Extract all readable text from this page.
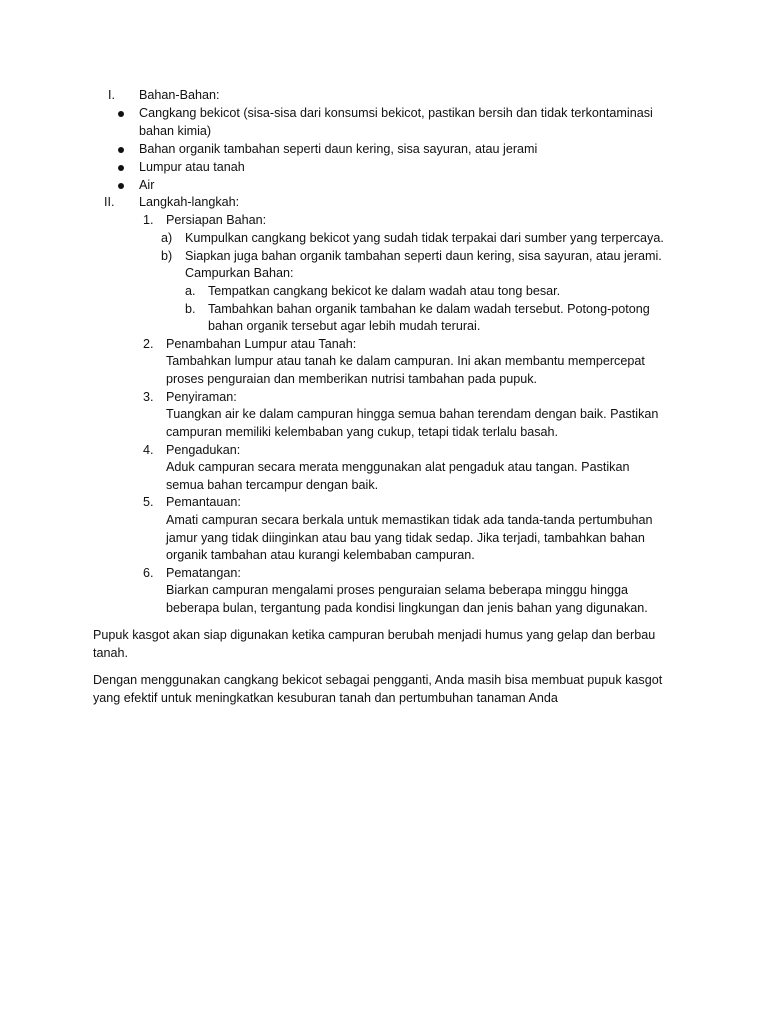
I. Bahan-Bahan:
Cangkang bekicot (sisa-sisa dari konsumsi bekicot, pastikan bersih dan tidak terkontaminasi
bahan kimia)
Bahan organik tambahan seperti daun kering, sisa sayuran, atau jerami
Lumpur atau tanah
Air
II. Langkah-langkah:
1. Persiapan Bahan:
a) Kumpulkan cangkang bekicot yang sudah tidak terpakai dari sumber yang terpercaya.
b) Siapkan juga bahan organik tambahan seperti daun kering, sisa sayuran, atau jerami.
Campurkan Bahan:
a. Tempatkan cangkang bekicot ke dalam wadah atau tong besar.
b. Tambahkan bahan organik tambahan ke dalam wadah tersebut. Potong-potong
bahan organik tersebut agar lebih mudah terurai.
2. Penambahan Lumpur atau Tanah:
Tambahkan lumpur atau tanah ke dalam campuran. Ini akan membantu mempercepat
proses penguraian dan memberikan nutrisi tambahan pada pupuk.
3. Penyiraman:
Tuangkan air ke dalam campuran hingga semua bahan terendam dengan baik. Pastikan
campuran memiliki kelembaban yang cukup, tetapi tidak terlalu basah.
4. Pengadukan:
Aduk campuran secara merata menggunakan alat pengaduk atau tangan. Pastikan
semua bahan tercampur dengan baik.
5. Pemantauan:
Amati campuran secara berkala untuk memastikan tidak ada tanda-tanda pertumbuhan
jamur yang tidak diinginkan atau bau yang tidak sedap. Jika terjadi, tambahkan bahan
organik tambahan atau kurangi kelembaban campuran.
6. Pematangan:
Biarkan campuran mengalami proses penguraian selama beberapa minggu hingga
beberapa bulan, tergantung pada kondisi lingkungan dan jenis bahan yang digunakan.
Pupuk kasgot akan siap digunakan ketika campuran berubah menjadi humus yang gelap dan berbau
tanah.
Dengan menggunakan cangkang bekicot sebagai pengganti, Anda masih bisa membuat pupuk kasgot
yang efektif untuk meningkatkan kesuburan tanah dan pertumbuhan tanaman Anda
